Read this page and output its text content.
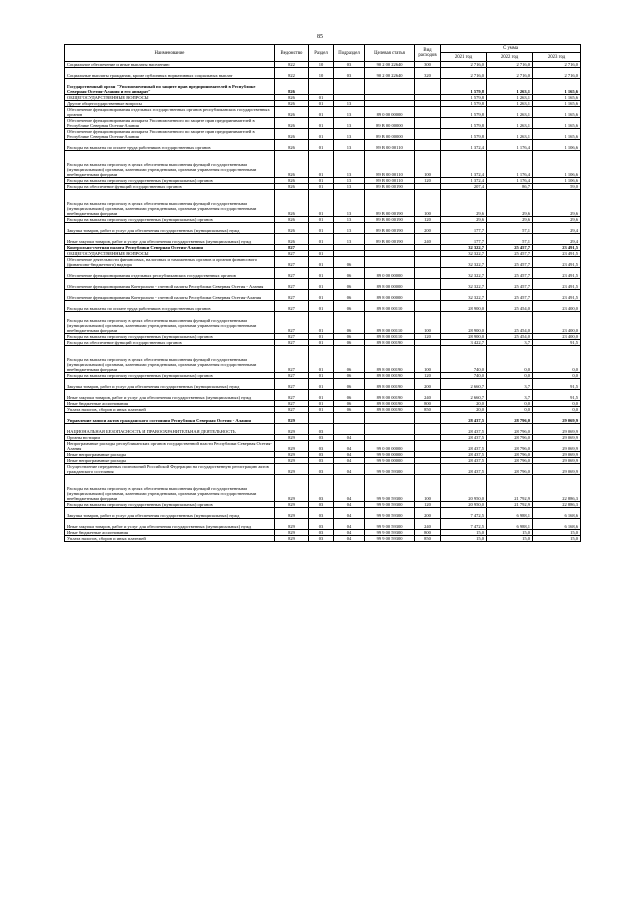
85
Наименование	Ведомство	Раздел	Подраздел	Целевая статья	Вид расходов	С умма		
						2021 год	2022 год	2023 год
Социальное обеспечение и иные выплаты населению	822	10	03	90 2 00 22640	300	2 716,0	2 716,0	2 716,0
Социальные выплаты гражданам, кроме публичных нормативных социальных выплат	822	10	03	90 2 00 22640	320	2 716,0	2 716,0	2 716,0
Государственный орган "Уполномоченный по защите прав предпринимателей в Республике Северная Осетия-Алания и его аппарат"	826					1 579,8	1 263,1	1 165,6
ОБЩЕГОСУДАРСТВЕННЫЕ ВОПРОСЫ	826	01				1 579,8	1 263,1	1 165,6
Другие общегосударственные вопросы	826	01	13			1 579,8	1 263,1	1 165,6
Обеспечение функционирования отдельных государственных органов республиканских государственных органов	826	01	13	89 0 00 00000		1 579,8	1 263,1	1 165,6
Обеспечение функционирования аппарата Уполномоченного по защите прав предпринимателей в Республике Северная Осетия-Алания	826	01	13	89 В 00 00000		1 579,8	1 263,1	1 165,6
Обеспечение функционирования аппарата Уполномоченного по защите прав предпринимателей в Республике Северная Осетия-Алания	826	01	13	89 В 00 00000		1 579,8	1 263,1	1 165,6
Расходы на выплаты по оплате труда работников государственных органов	826	01	13	89 В 00 00110		1 372,4	1 176,4	1 106,6
Расходы на выплаты персоналу в целях обеспечения выполнения функций государственными (муниципальными) органами, казенными учреждениями, органами управления государственными внебюджетными фондами	826	01	13	89 В 00 00110	100	1 372,4	1 176,4	1 106,6
Расходы на выплаты персоналу государственных (муниципальных) органов	826	01	13	89 В 00 00110	120	1 372,4	1 176,4	1 106,6
Расходы на обеспечение функций государственных органов	826	01	13	89 В 00 00190		207,4	86,7	59,0
Расходы на выплаты персоналу в целях обеспечения выполнения функций государственными (муниципальными) органами, казенными учреждениями, органами управления государственными внебюджетными фондами	826	01	13	89 В 00 00190	100	29,6	29,6	29,6
Расходы на выплаты персоналу государственных (муниципальных) органов	826	01	13	89 В 00 00190	120	29,6	29,6	29,6
Закупка товаров, работ и услуг для обеспечения государственных (муниципальных) нужд	826	01	13	89 В 00 00190	200	177,7	57,1	29,4
Иные закупки товаров, работ и услуг для обеспечения государственных (муниципальных) нужд	826	01	13	89 В 00 00190	240	177,7	57,1	29,4
Контрольно-счетная палата Республики Северная Осетия-Алания	827					32 322,7	25 457,7	23 491,5
ОБЩЕГОСУДАРСТВЕННЫЕ ВОПРОСЫ	827	01				32 322,7	25 457,7	23 491,5
Обеспечение деятельности финансовых, налоговых и таможенных органов и органов финансового (финансово-бюджетного) надзора	827	01	06			32 322,7	25 457,7	23 491,5
Обеспечение функционирования отдельных республиканских государственных органов	827	01	06	89 0 00 00000		32 322,7	25 457,7	23 491,5
Обеспечение функционирования Контрольно - счетной палаты Республики Северная Осетия - Алания	827	01	06	89 8 00 00000		32 322,7	25 457,7	23 491,5
Обеспечение функционирования Контрольно - счетной палаты Республики Северная Осетия-Алания	827	01	06	89 8 00 00000		32 322,7	25 457,7	23 491,5
Расходы на выплаты по оплате труда работников государственных органов	827	01	06	89 8 00 00110		28 900,0	25 454,0	23 400,0
Расходы на выплаты персоналу в целях обеспечения выполнения функций государственными (муниципальными) органами, казенными учреждениями, органами управления государственными внебюджетными фондами	827	01	06	89 8 00 00110	100	28 900,0	25 454,0	23 400,0
Расходы на выплаты персоналу государственных (муниципальных) органов	827	01	06	89 8 00 00110	120	28 900,0	25 454,0	23 400,0
Расходы на обеспечение функций государственных органов	827	01	06	89 8 00 00190		3 422,7	3,7	91,5
Расходы на выплаты персоналу в целях обеспечения выполнения функций государственными (муниципальными) органами, казенными учреждениями, органами управления государственными внебюджетными фондами	827	01	06	89 8 00 00190	100	740,0	0,0	0,0
Расходы на выплаты персоналу государственных (муниципальных) органов	827	01	06	89 8 00 00190	120	740,0	0,0	0,0
Закупка товаров, работ и услуг для обеспечения государственных (муниципальных) нужд	827	01	06	89 8 00 00190	200	2 660,7	3,7	91,5
Иные закупки товаров, работ и услуг для обеспечения государственных (муниципальных) нужд	827	01	06	89 8 00 00190	240	2 660,7	3,7	91,5
Иные бюджетные ассигнования	827	01	06	89 8 00 00190	800	20,0	0,0	0,0
Уплата налогов, сборов и иных платежей	827	01	06	89 8 00 00190	850	20,0	0,0	0,0
Управление записи актов гражданского состояния Республики Северная Осетия - Алания	829					28 437,5	28 796,0	29 069,9
НАЦИОНАЛЬНАЯ БЕЗОПАСНОСТЬ И ПРАВООХРАНИТЕЛЬНАЯ ДЕЯТЕЛЬНОСТЬ	829	03				28 437,5	28 796,0	29 069,9
Органы юстиции	829	03	04			28 437,5	28 796,0	29 069,9
Непрограммные расходы республиканских органов государственной власти Республики Северная Осетия-Алания	829	03	04	99 0 00 00000		28 437,5	28 796,0	29 069,9
Иные непрограммные расходы	829	03	04	99 9 00 00000		28 437,5	28 796,0	29 069,9
Иные непрограммные расходы	829	03	04	99 9 00 00000		28 437,5	28 796,0	29 069,9
Осуществление переданных полномочий Российской Федерации на государственную регистрацию актов гражданского состояния	829	03	04	99 9 00 59300		28 437,5	28 796,0	29 069,9
Расходы на выплаты персоналу в целях обеспечения выполнения функций государственными (муниципальными) органами, казенными учреждениями, органами управления государственными внебюджетными фондами	829	03	04	99 9 00 59300	100	20 950,0	21 792,9	22 886,3
Расходы на выплаты персоналу государственных (муниципальных) органов	829	03	04	99 9 00 59300	120	20 950,0	21 792,9	22 886,3
Закупка товаров, работ и услуг для обеспечения государственных (муниципальных) нужд	829	03	04	99 9 00 59300	200	7 472,5	6 988,1	6 168,6
Иные закупки товаров, работ и услуг для обеспечения государственных (муниципальных) нужд	829	03	04	99 9 00 59300	240	7 472,5	6 988,1	6 168,6
Иные бюджетные ассигнования	829	03	04	99 9 00 59300	800	15,0	15,0	15,0
Уплата налогов, сборов и иных платежей	829	03	04	99 9 00 59300	850	15,0	15,0	15,0
